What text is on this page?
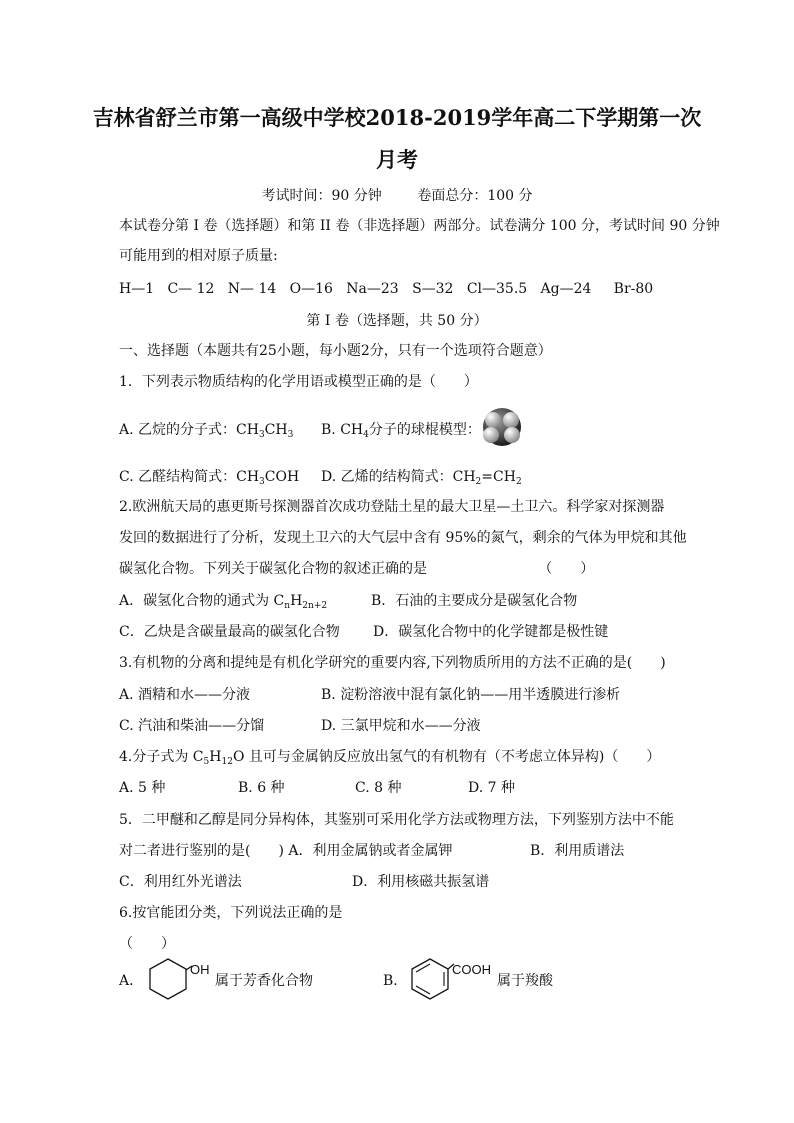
吉林省舒兰市第一高级中学校2018-2019学年高二下学期第一次
月考
考试时间：90 分钟        卷面总分：100 分
本试卷分第 I 卷（选择题）和第 II 卷（非选择题）两部分。试卷满分 100 分，考试时间 90 分钟
可能用到的相对原子质量:
H—1   C— 12   N— 14   O—16   Na—23   S—32   Cl—35.5   Ag—24     Br-80
第 I 卷（选择题，共 50 分）
一、选择题（本题共有25小题，每小题2分，只有一个选项符合题意）
1．下列表示物质结构的化学用语或模型正确的是（　　）
A. 乙烷的分子式：$CH_3CH_3$ B. $CH_4$分子的球棍模型：
C. 乙醛结构简式：$CH_3COH$ D. 乙烯的结构简式：$CH_2=CH_2$
2.欧洲航天局的惠更斯号探测器首次成功登陆土星的最大卫星—土卫六。科学家对探测器
发回的数据进行了分析，发现土卫六的大气层中含有 95%的氮气，剩余的气体为甲烷和其他
碳氢化合物。下列关于碳氢化合物的叙述正确的是                         （　　）
A．碳氢化合物的通式为 $C_nH_{2n+2}$	B．石油的主要成分是碳氢化合物
C．乙炔是含碳量最高的碳氢化合物 D．碳氢化合物中的化学键都是极性键
3.有机物的分离和提纯是有机化学研究的重要内容,下列物质所用的方法不正确的是(　　)
A. 酒精和水——分液	B. 淀粉溶液中混有氯化钠——用半透膜进行渗析
C. 汽油和柴油——分馏	D. 三氯甲烷和水——分液
4.分子式为 $C_5H_{12}O$ 且可与金属钠反应放出氢气的有机物有（不考虑立体异构)（　　）
A. 5 种	B. 6 种	C. 8 种	D. 7 种
5．二甲醚和乙醇是同分异构体，其鉴别可采用化学方法或物理方法，下列鉴别方法中不能
对二者进行鉴别的是(　　) A．利用金属钠或者金属钾	B．利用质谱法
C．利用红外光谱法	D．利用核磁共振氢谱
6.按官能团分类，下列说法正确的是
（　　）
A．
OH
属于芳香化合物	B．
COOH
属于羧酸
